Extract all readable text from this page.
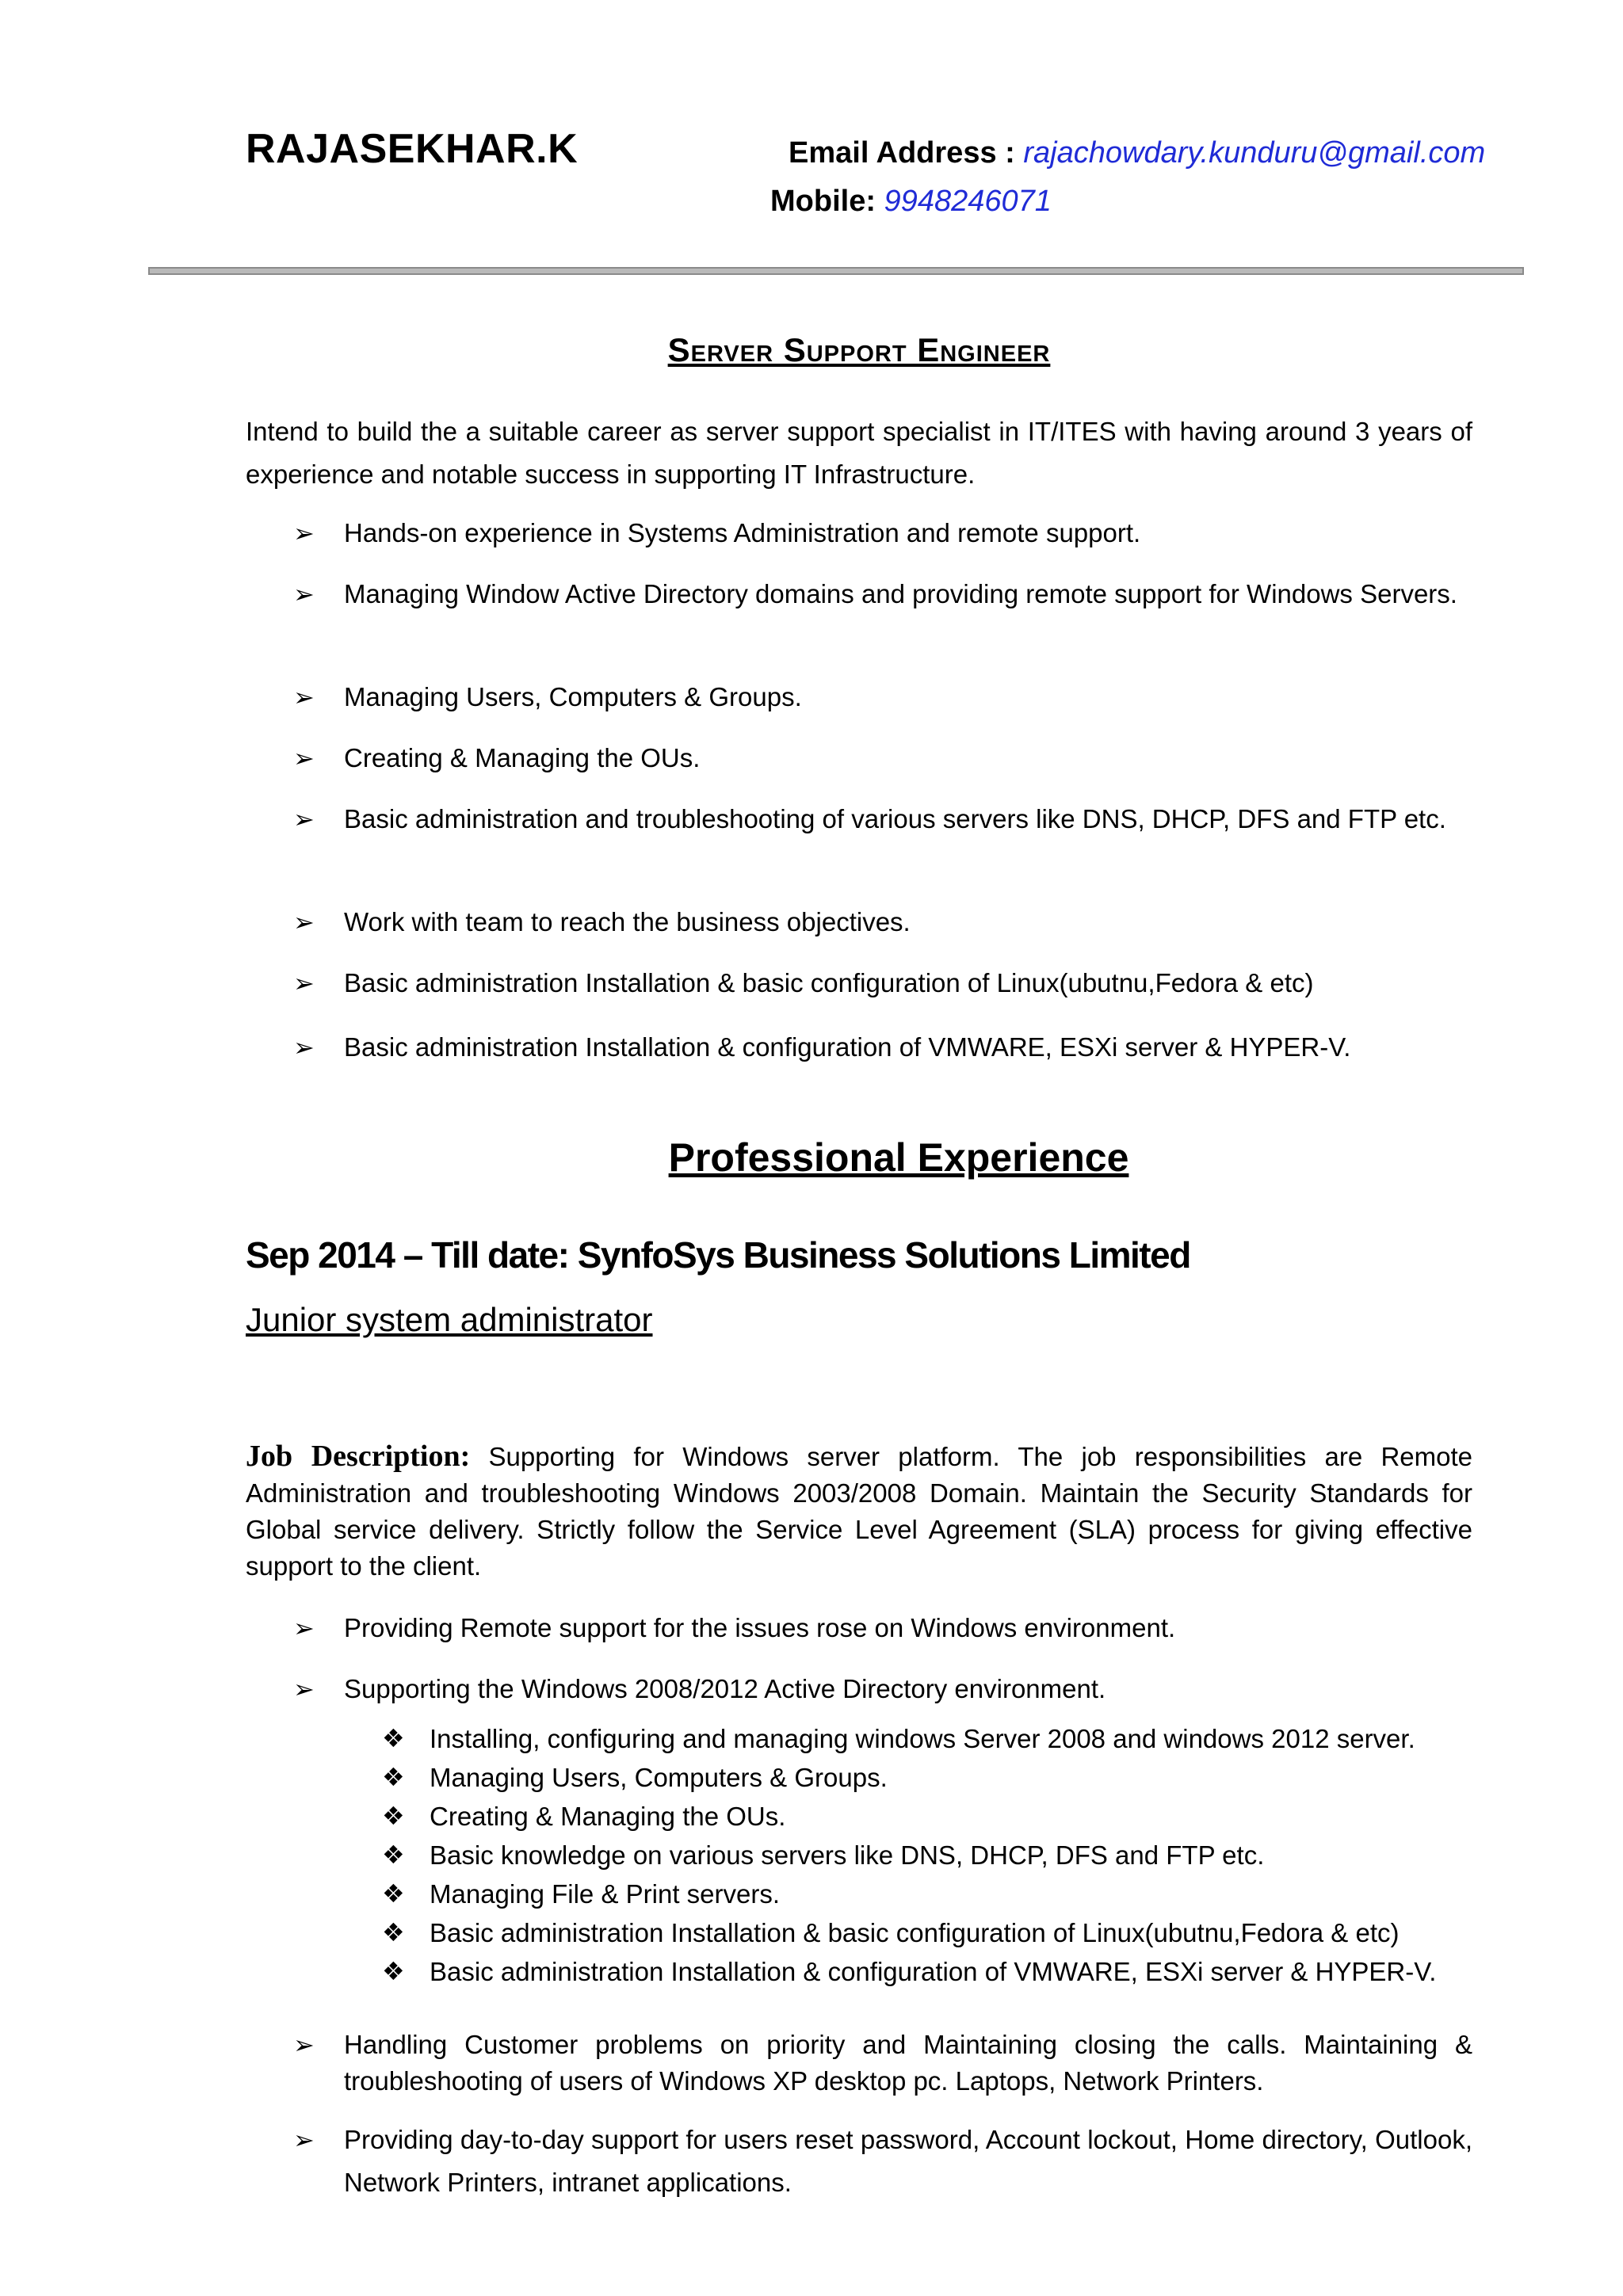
RAJASEKHAR.K	Email Address : rajachowdary.kunduru@gmail.com
Mobile: 9948246071
Server Support Engineer
Intend to build the a suitable career as server support specialist in IT/ITES with having around 3 years of experience and notable success in supporting IT Infrastructure.
➢ Hands-on experience in Systems Administration and remote support.
➢ Managing Window Active Directory domains and providing remote support for Windows Servers.
➢ Managing Users, Computers & Groups.
➢ Creating & Managing the OUs.
➢ Basic administration and troubleshooting of various servers like DNS, DHCP, DFS and FTP etc.
➢ Work with team to reach the business objectives.
➢ Basic administration Installation & basic configuration of Linux(ubutnu,Fedora & etc)
➢ Basic administration Installation & configuration of VMWARE, ESXi server & HYPER-V.
Professional Experience
Sep 2014 – Till date: SynfoSys Business Solutions Limited
Junior system administrator
Job Description: Supporting for Windows server platform. The job responsibilities are Remote Administration and troubleshooting Windows 2003/2008 Domain. Maintain the Security Standards for Global service delivery. Strictly follow the Service Level Agreement (SLA) process for giving effective support to the client.
➢ Providing Remote support for the issues rose on Windows environment.
➢ Supporting the Windows 2008/2012 Active Directory environment.
❖ Installing, configuring and managing windows Server 2008 and windows 2012 server.
❖ Managing Users, Computers & Groups.
❖ Creating & Managing the OUs.
❖ Basic knowledge on various servers like DNS, DHCP, DFS and FTP etc.
❖ Managing File & Print servers.
❖ Basic administration Installation & basic configuration of Linux(ubutnu,Fedora & etc)
❖ Basic administration Installation & configuration of VMWARE, ESXi server & HYPER-V.
➢ Handling Customer problems on priority and Maintaining closing the calls. Maintaining & troubleshooting of users of Windows XP desktop pc. Laptops, Network Printers.
➢ Providing day-to-day support for users reset password, Account lockout, Home directory, Outlook, Network Printers, intranet applications.
